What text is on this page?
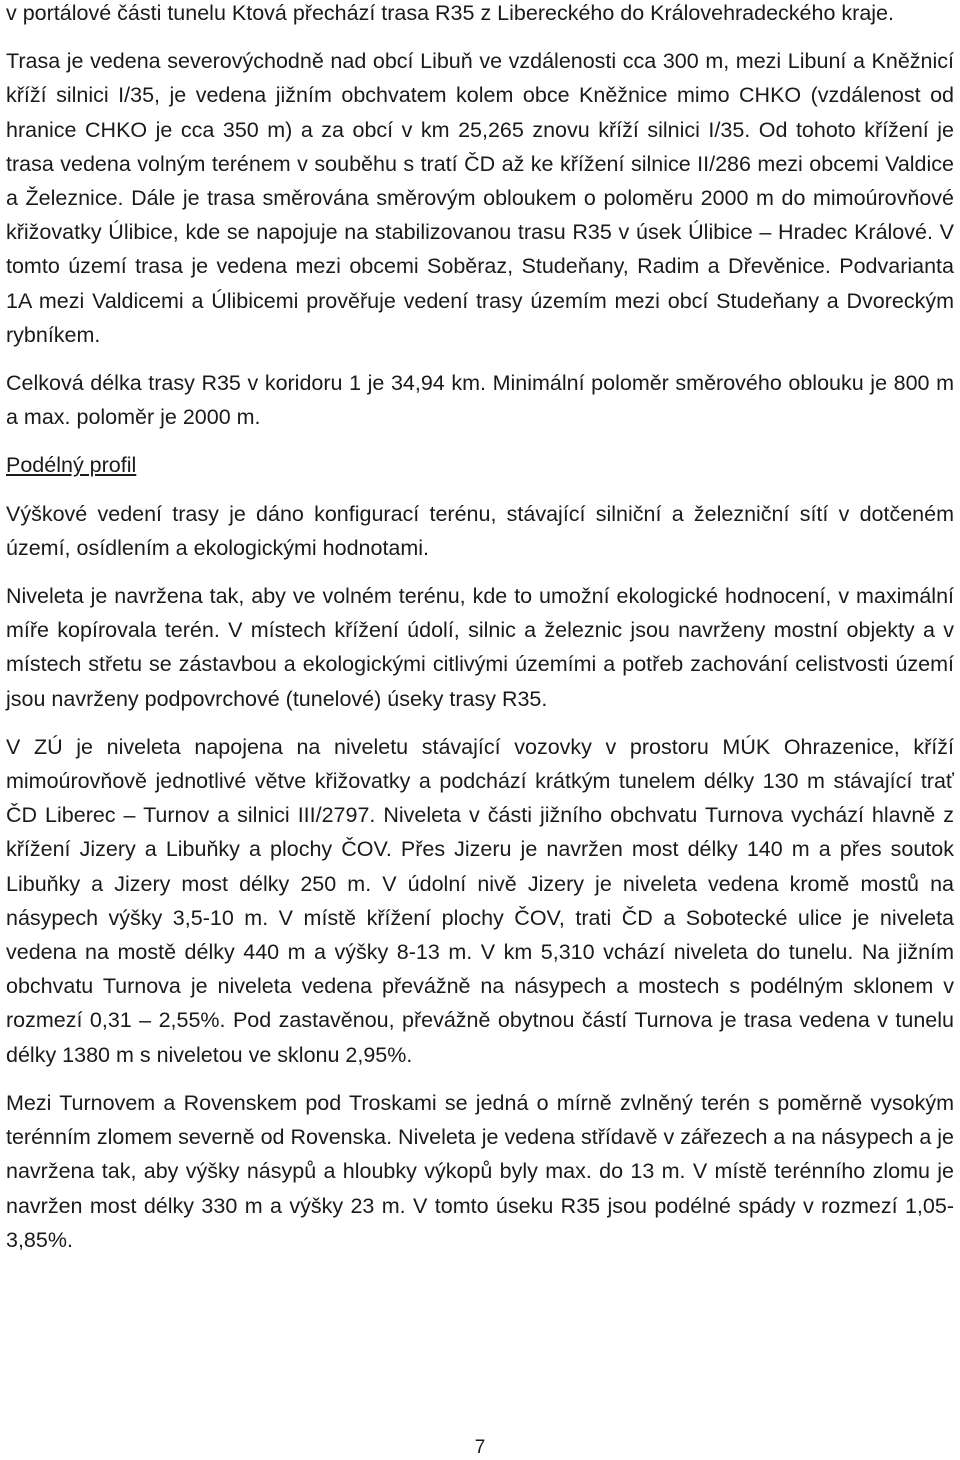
v portálové části tunelu Ktová přechází trasa R35 z Libereckého do Královehradeckého kraje.

Trasa je vedena severovýchodně nad obcí Libuň ve vzdálenosti cca 300 m, mezi Libuní a Kněžnicí kříží silnici I/35, je vedena jižním obchvatem kolem obce Kněžnice mimo CHKO (vzdálenost od hranice CHKO je cca 350 m) a za obcí v km 25,265 znovu kříží silnici I/35. Od tohoto křížení je trasa vedena volným terénem v souběhu s tratí ČD až ke křížení silnice II/286 mezi obcemi Valdice a Železnice. Dále je trasa směrována směrovým obloukem o poloměru 2000 m do mimoúrovňové křižovatky Úlibice, kde se napojuje na stabilizovanou trasu R35 v úsek Úlibice – Hradec Králové. V tomto území trasa je vedena mezi obcemi Soběraz, Studeňany, Radim a Dřevěnice. Podvarianta 1A mezi Valdicemi a Úlibicemi prověřuje vedení trasy územím mezi obcí Studeňany a Dvoreckým rybníkem.

Celková délka trasy R35 v koridoru 1 je 34,94 km. Minimální poloměr směrového oblouku je 800 m a max. poloměr je 2000 m.

Podélný profil

Výškové vedení trasy je dáno konfigurací terénu, stávající silniční a železniční sítí v dotčeném území, osídlením a ekologickými hodnotami.

Niveleta je navržena tak, aby ve volném terénu, kde to umožní ekologické hodnocení, v maximální míře kopírovala terén. V místech křížení údolí, silnic a železnic jsou navrženy mostní objekty a v místech střetu se zástavbou a ekologickými citlivými územími a potřeb zachování celistvosti území jsou navrženy podpovrchové (tunelové) úseky trasy R35.

V ZÚ je niveleta napojena na niveletu stávající vozovky v prostoru MÚK Ohrazenice, kříží mimoúrovňově jednotlivé větve křižovatky a podchází krátkým tunelem délky 130 m stávající trať ČD Liberec – Turnov a silnici III/2797. Niveleta v části jižního obchvatu Turnova vychází hlavně z křížení Jizery a Libuňky a plochy ČOV. Přes Jizeru je navržen most délky 140 m a přes soutok Libuňky a Jizery most délky 250 m. V údolní nivě Jizery je niveleta vedena kromě mostů na násypech výšky 3,5-10 m. V místě křížení plochy ČOV, trati ČD a Sobotecké ulice je niveleta vedena na mostě délky 440 m a výšky 8-13 m. V km 5,310 vchází niveleta do tunelu. Na jižním obchvatu Turnova je niveleta vedena převážně na násypech a mostech s podélným sklonem v rozmezí 0,31 – 2,55%. Pod zastavěnou, převážně obytnou částí Turnova je trasa vedena v tunelu délky 1380 m s niveletou ve sklonu 2,95%.

Mezi Turnovem a Rovenskem pod Troskami se jedná o mírně zvlněný terén s poměrně vysokým terénním zlomem severně od Rovenska. Niveleta je vedena střídavě v zářezech a na násypech a je navržena tak, aby výšky násypů a hloubky výkopů byly max. do 13 m. V místě terénního zlomu je navržen most délky 330 m a výšky 23 m. V tomto úseku R35 jsou podélné spády v rozmezí 1,05-3,85%.

7
